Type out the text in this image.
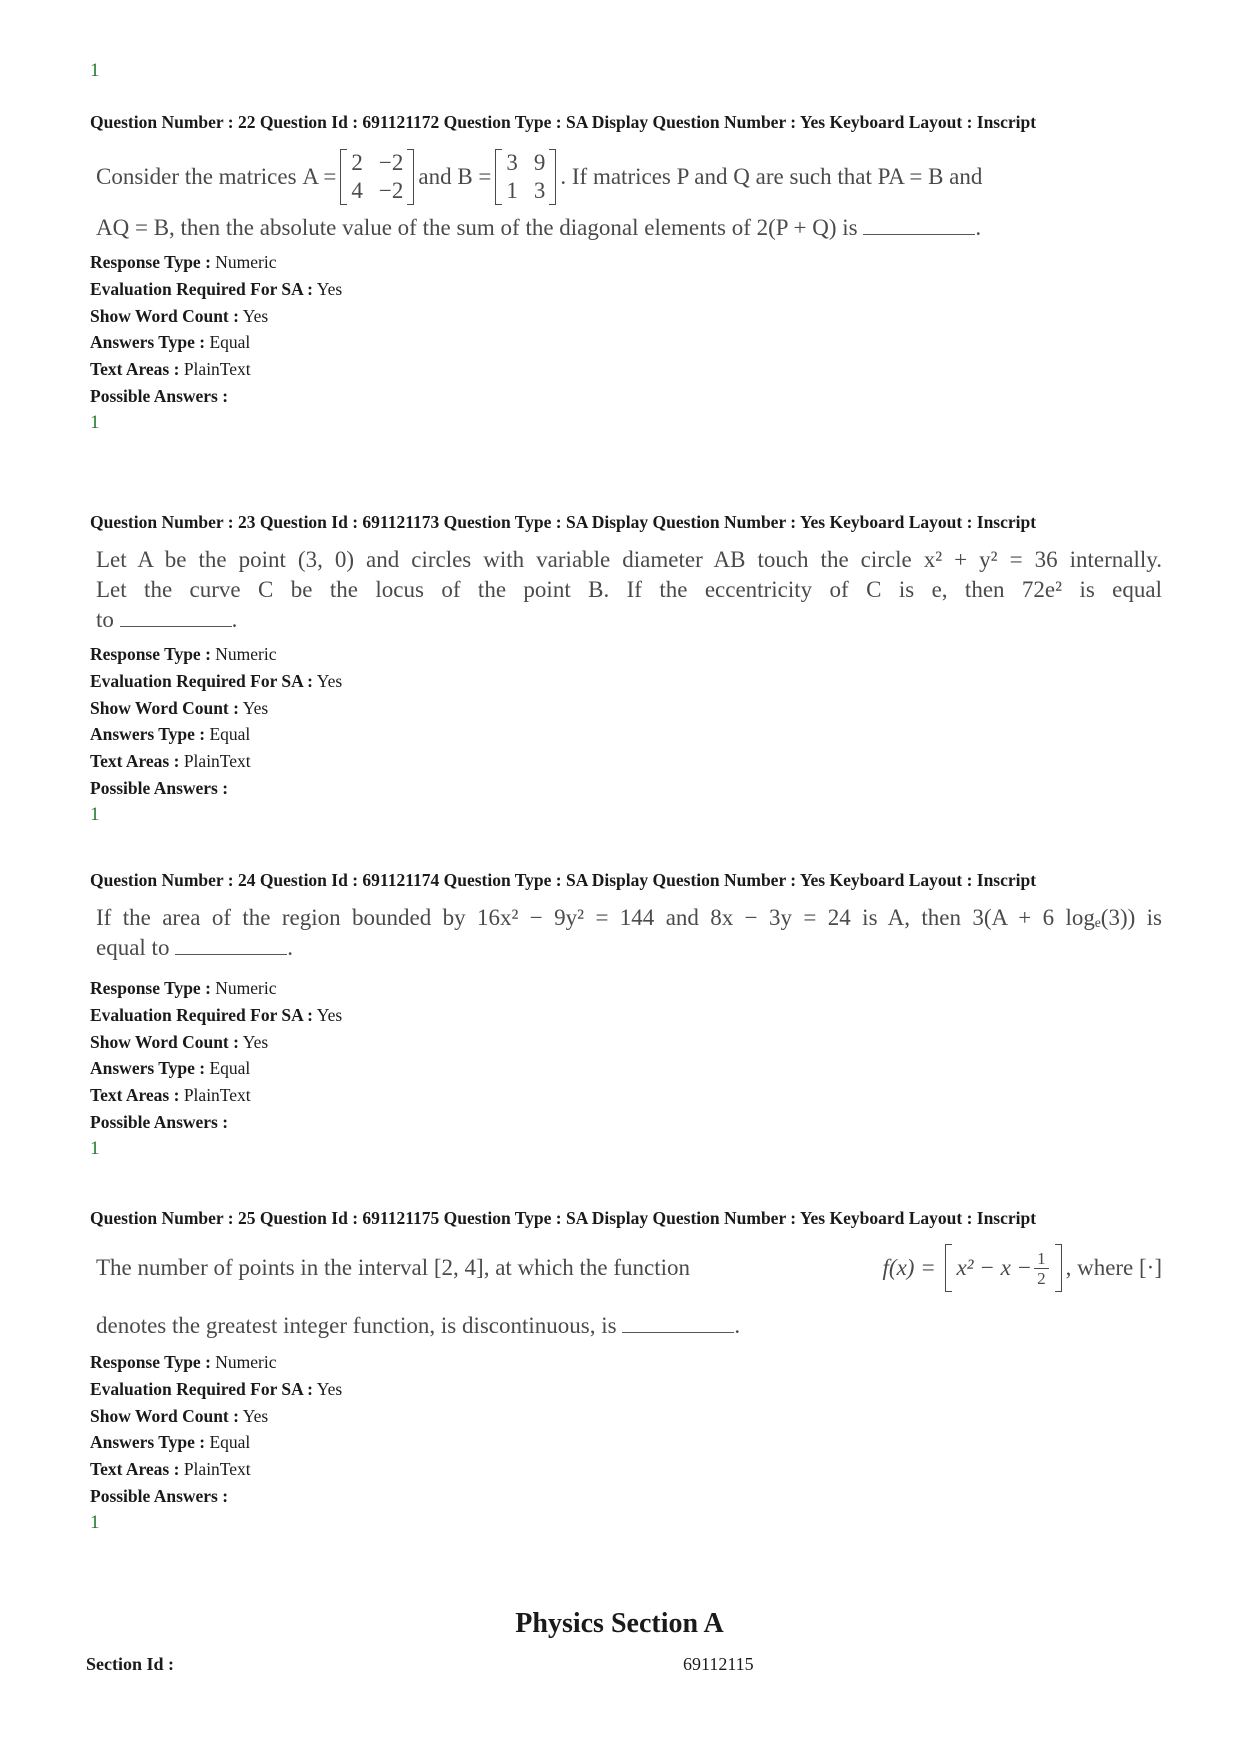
1
Question Number : 22 Question Id : 691121172 Question Type : SA Display Question Number : Yes Keyboard Layout : Inscript
Consider the matrices
A =
2 −2
4 −2
and
B =
3 9
1 3
. If matrices P and Q are such that PA = B and
AQ = B, then the absolute value of the sum of the diagonal elements of 2(P + Q) is	.
Response Type : Numeric
Evaluation Required For SA : Yes
Show Word Count : Yes
Answers Type : Equal
Text Areas : PlainText
Possible Answers :
1
Question Number : 23 Question Id : 691121173 Question Type : SA Display Question Number : Yes Keyboard Layout : Inscript
Let A be the point (3, 0) and circles with variable diameter AB touch the circle x² + y² = 36 internally.
Let the curve C be the locus of the point B. If the eccentricity of C is e, then 72e² is equal
to	.
Response Type : Numeric
Evaluation Required For SA : Yes
Show Word Count : Yes
Answers Type : Equal
Text Areas : PlainText
Possible Answers :
1
Question Number : 24 Question Id : 691121174 Question Type : SA Display Question Number : Yes Keyboard Layout : Inscript
If the area of the region bounded by 16x² − 9y² = 144 and 8x − 3y = 24 is A, then 3(A + 6 logₑ(3)) is
equal to	.
Response Type : Numeric
Evaluation Required For SA : Yes
Show Word Count : Yes
Answers Type : Equal
Text Areas : PlainText
Possible Answers :
1
Question Number : 25 Question Id : 691121175 Question Type : SA Display Question Number : Yes Keyboard Layout : Inscript
The number of points in the interval [2, 4], at which the function	f(x) =
$x^2 - x - \frac{1}{2}$ , where [·]
denotes the greatest integer function, is discontinuous, is	.
Response Type : Numeric
Evaluation Required For SA : Yes
Show Word Count : Yes
Answers Type : Equal
Text Areas : PlainText
Possible Answers :
1
Physics Section A
Section Id :	69112115
